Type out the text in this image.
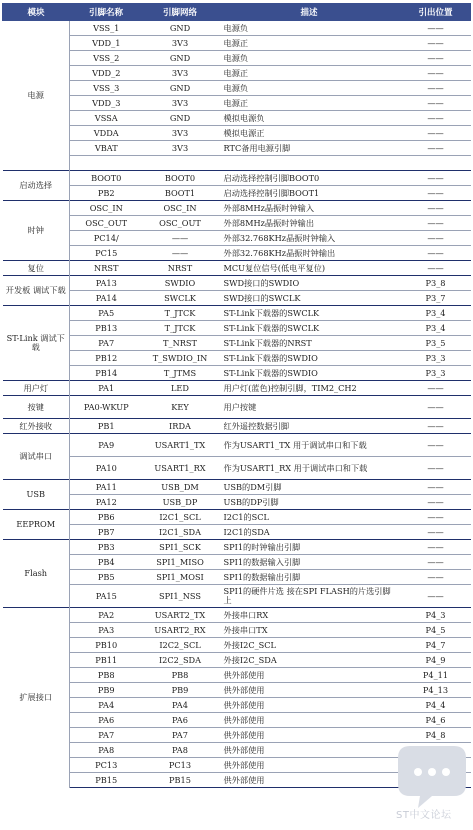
模块	引脚名称	引脚网络	描述	引出位置
电源	VSS_1	GND	电源负	——
	VDD_1	3V3	电源正	——
	VSS_2	GND	电源负	——
	VDD_2	3V3	电源正	——
	VSS_3	GND	电源负	——
	VDD_3	3V3	电源正	——
	VSSA	GND	模拟电源负	——
	VDDA	3V3	模拟电源正	——
	VBAT	3V3	RTC备用电源引脚	——

启动选择	BOOT0	BOOT0	启动选择控制引脚BOOT0	——
	PB2	BOOT1	启动选择控制引脚BOOT1	——
时钟	OSC_IN	OSC_IN	外部8MHz晶振时钟输入	——
	OSC_OUT	OSC_OUT	外部8MHz晶振时钟输出	——
	PC14/	——	外部32.768KHz晶振时钟输入	——
	PC15	——	外部32.768KHz晶振时钟输出	——
复位	NRST	NRST	MCU复位信号(低电平复位)	——
开发板 调试下载	PA13	SWDIO	SWD接口的SWDIO	P3_8
	PA14	SWCLK	SWD接口的SWCLK	P3_7
ST-Link 调试下载	PA5	T_JTCK	ST-Link下载器的SWCLK	P3_4
	PB13	T_JTCK	ST-Link下载器的SWCLK	P3_4
	PA7	T_NRST	ST-Link下载器的NRST	P3_5
	PB12	T_SWDIO_IN	ST-Link下载器的SWDIO	P3_3
	PB14	T_JTMS	ST-Link下载器的SWDIO	P3_3
用户灯	PA1	LED	用户灯(蓝色)控制引脚，TIM2_CH2	——
按键	PA0-WKUP	KEY	用户按键	——
红外接收	PB1	IRDA	红外遥控数据引脚	——
调试串口	PA9	USART1_TX	作为USART1_TX 用于调试串口和下载	——
	PA10	USART1_RX	作为USART1_RX 用于调试串口和下载	——
USB	PA11	USB_DM	USB的DM引脚	——
	PA12	USB_DP	USB的DP引脚	——
EEPROM	PB6	I2C1_SCL	I2C1的SCL	——
	PB7	I2C1_SDA	I2C1的SDA	——
Flash	PB3	SPI1_SCK	SPI1的时钟输出引脚	——
	PB4	SPI1_MISO	SPI1的数据输入引脚	——
	PB5	SPI1_MOSI	SPI1的数据输出引脚	——
	PA15	SPI1_NSS	SPI1的硬件片选 接在SPI FLASH的片选引脚上	——
扩展接口	PA2	USART2_TX	外接串口RX	P4_3
	PA3	USART2_RX	外接串口TX	P4_5
	PB10	I2C2_SCL	外接I2C_SCL	P4_7
	PB11	I2C2_SDA	外接I2C_SDA	P4_9
	PB8	PB8	供外部使用	P4_11
	PB9	PB9	供外部使用	P4_13
	PA4	PA4	供外部使用	P4_4
	PA6	PA6	供外部使用	P4_6
	PA7	PA7	供外部使用	P4_8
	PA8	PA8	供外部使用	
	PC13	PC13	供外部使用	
	PB15	PB15	供外部使用	
ST中文论坛
